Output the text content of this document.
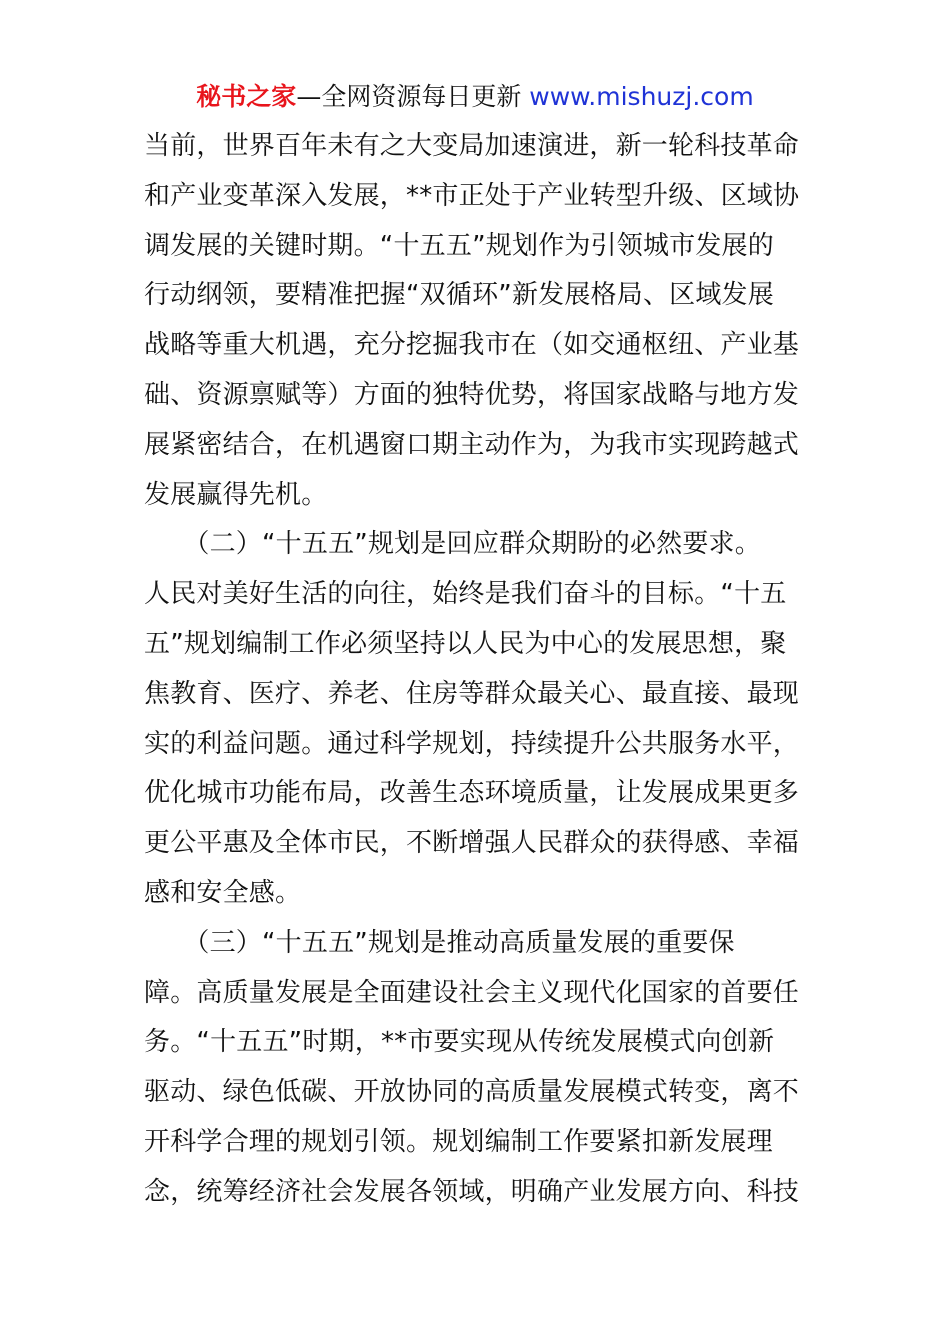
秘书之家—全网资源每日更新 www.mishuzj.com
当前，世界百年未有之大变局加速演进，新一轮科技革命
和产业变革深入发展，**市正处于产业转型升级、区域协
调发展的关键时期。“十五五”规划作为引领城市发展的
行动纲领，要精准把握“双循环”新发展格局、区域发展
战略等重大机遇，充分挖掘我市在（如交通枢纽、产业基
础、资源禀赋等）方面的独特优势，将国家战略与地方发
展紧密结合，在机遇窗口期主动作为，为我市实现跨越式
发展赢得先机。
　　（二）“十五五”规划是回应群众期盼的必然要求。
人民对美好生活的向往，始终是我们奋斗的目标。“十五
五”规划编制工作必须坚持以人民为中心的发展思想，聚
焦教育、医疗、养老、住房等群众最关心、最直接、最现
实的利益问题。通过科学规划，持续提升公共服务水平，
优化城市功能布局，改善生态环境质量，让发展成果更多
更公平惠及全体市民，不断增强人民群众的获得感、幸福
感和安全感。
　　（三）“十五五”规划是推动高质量发展的重要保
障。高质量发展是全面建设社会主义现代化国家的首要任
务。“十五五”时期，**市要实现从传统发展模式向创新
驱动、绿色低碳、开放协同的高质量发展模式转变，离不
开科学合理的规划引领。规划编制工作要紧扣新发展理
念，统筹经济社会发展各领域，明确产业发展方向、科技
